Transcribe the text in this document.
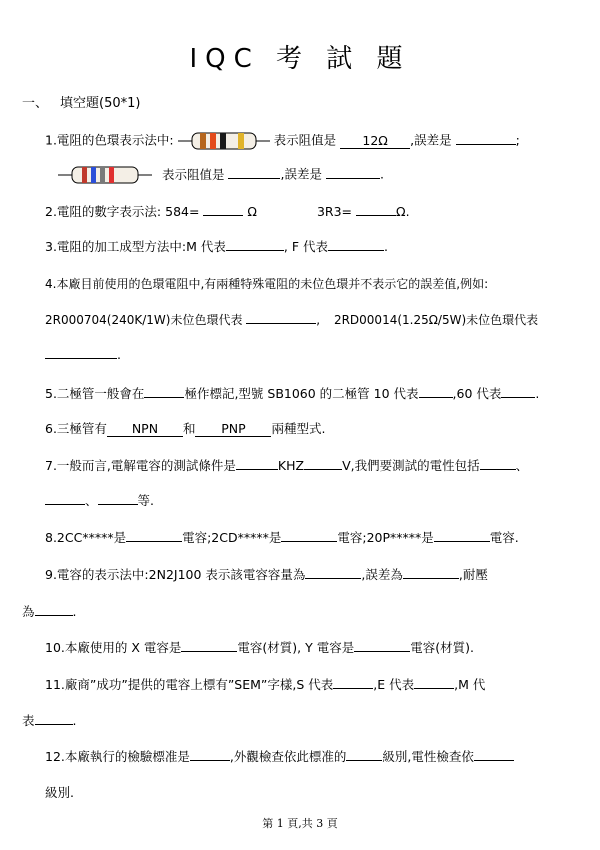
IQC 考 試 題
一、 填空題(50*1)
1.電阻的色環表示法中:	表示阻值是 12Ω ,誤差是	;
表示阻值是	,誤差是	.
2.電阻的數字表示法: 584=	Ω	3R3=	Ω.
3.電阻的加工成型方法中:M 代表	, F 代表	.
4.本廠目前使用的色環電阻中,有兩種特殊電阻的未位色環并不表示它的誤差值,例如:
2R000704(240K/1W)未位色環代表	, 2RD00014(1.25Ω/5W)未位色環代表
.
5.二極管一般會在	極作標記,型號 SB1060 的二極管 10 代表	,60 代表	.
6.三極管有 NPN 和 PNP 兩種型式.
7.一般而言,電解電容的測試條件是	KHZ	V,我們要測試的電性包括	、
、	等.
8.2CC*****是	電容;2CD*****是	電容;20P*****是	電容.
9.電容的表示法中:2N2J100 表示該電容容量為	,誤差為	,耐壓
為	.
10.本廠使用的 X 電容是	電容(材質), Y 電容是	電容(材質).
11.廠商”成功”提供的電容上標有”SEM”字樣,S 代表	,E 代表	,M 代
表	.
12.本廠執行的檢驗標准是	,外觀檢查依此標准的	級別,電性檢查依
級別.
第 1 頁,共 3 頁
